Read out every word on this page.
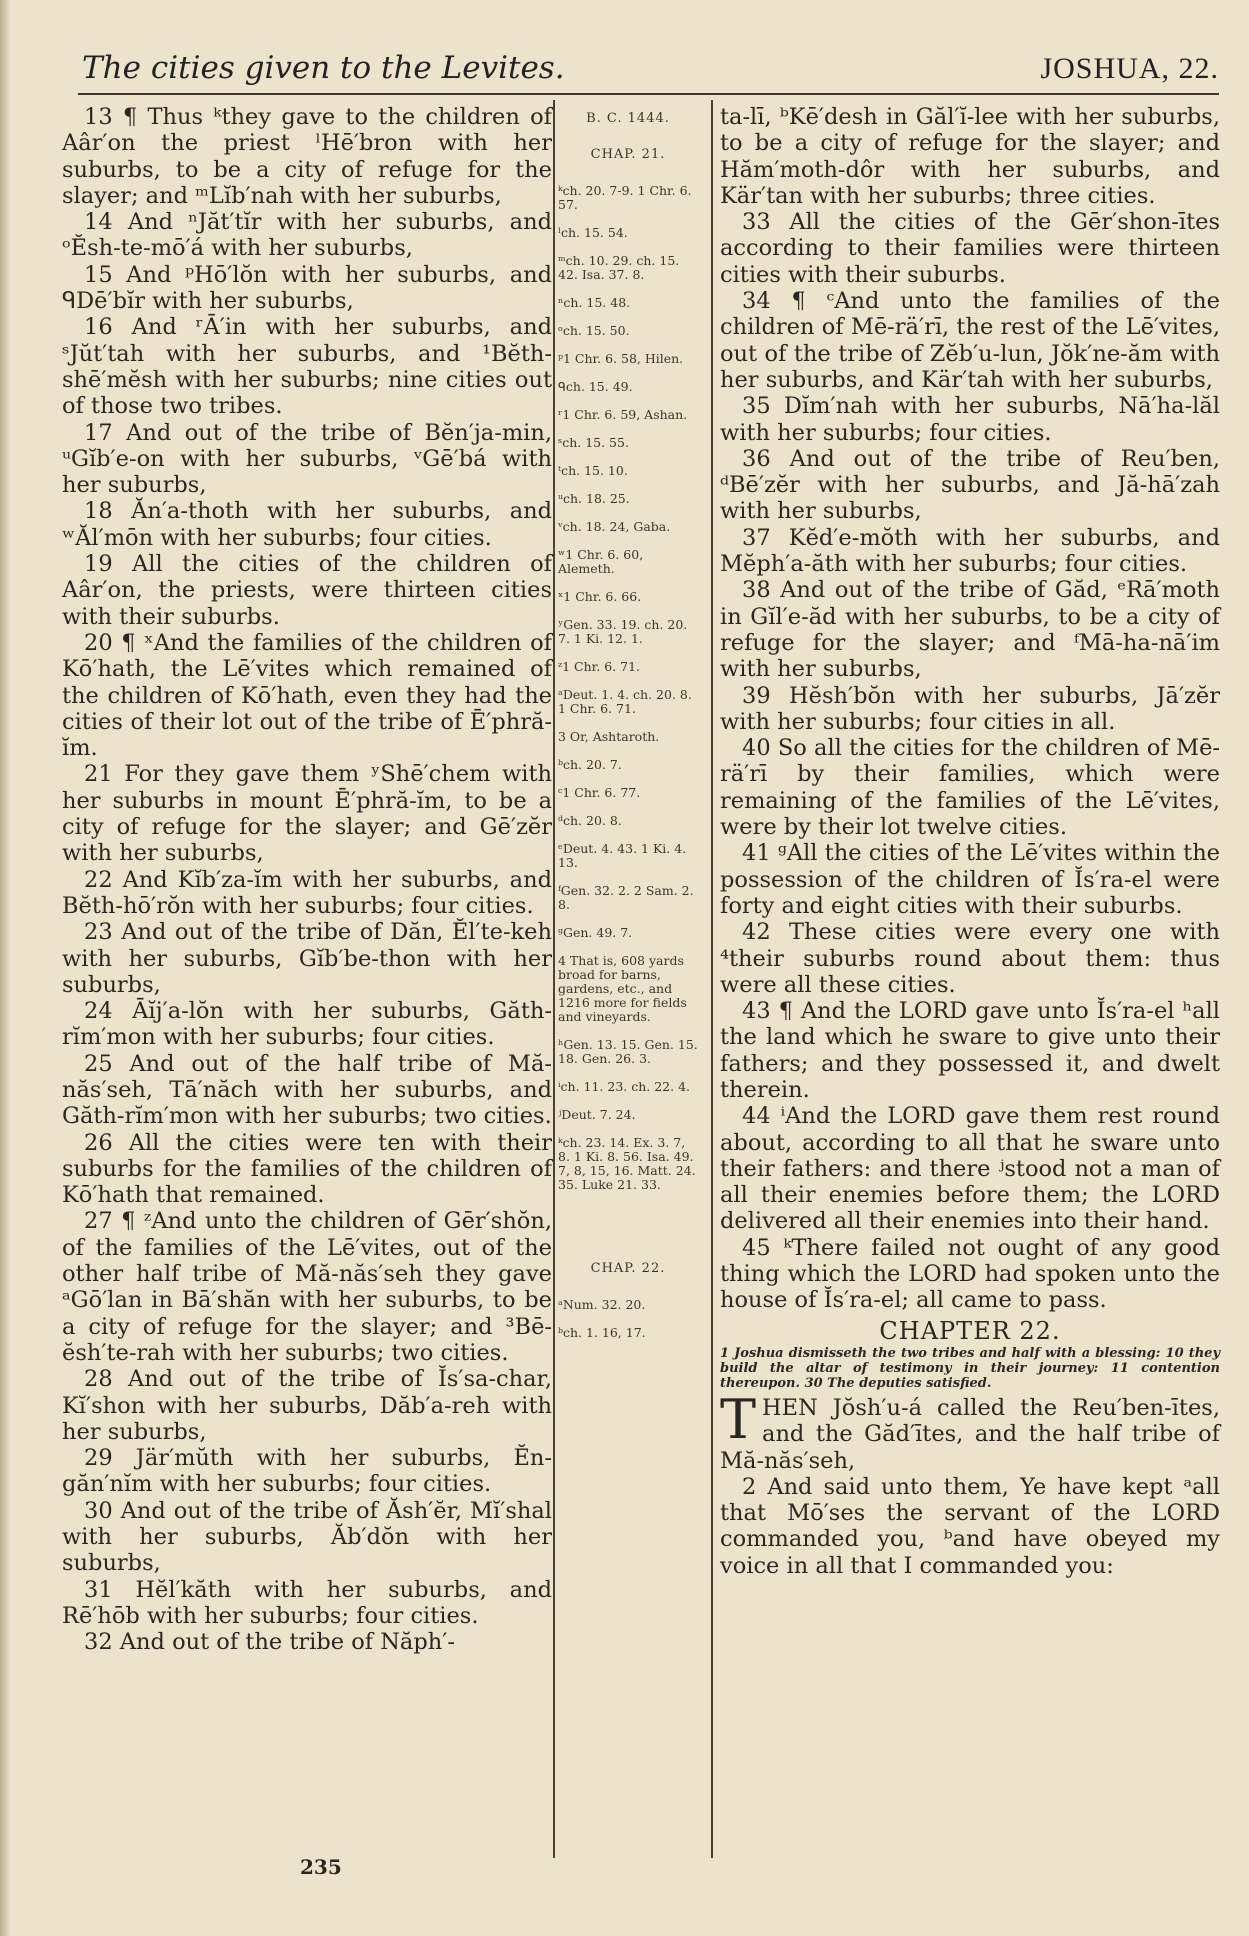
The cities given to the Levites.	JOSHUA, 22.

13 ¶ Thus ᵏthey gave to the children of Aâr′on the priest ˡHē′bron with her suburbs, to be a city of refuge for the slayer; and ᵐLĭb′nah with her suburbs,

14 And ⁿJăt′tĭr with her suburbs, and ᵒĔsh-te-mō′á with her suburbs,

15 And ᵖHō′lŏn with her suburbs, and ᑫDē′bĭr with her suburbs,

16 And ʳĀ′in with her suburbs, and ˢJŭt′tah with her suburbs, and ¹Bĕth-shē′mĕsh with her suburbs; nine cities out of those two tribes.

17 And out of the tribe of Bĕn′ja-min, ᵘGĭb′e-on with her suburbs, ᵛGē′bá with her suburbs,

18 Ăn′a-thoth with her suburbs, and ʷĂl′mōn with her suburbs; four cities.

19 All the cities of the children of Aâr′on, the priests, were thirteen cities with their suburbs.

20 ¶ ˣAnd the families of the children of Kō′hath, the Lē′vites which remained of the children of Kō′hath, even they had the cities of their lot out of the tribe of Ē′phră-ĭm.

21 For they gave them ʸShē′chem with her suburbs in mount Ē′phră-ĭm, to be a city of refuge for the slayer; and Gē′zĕr with her suburbs,

22 And Kĭb′za-ĭm with her suburbs, and Bĕth-hō′rŏn with her suburbs; four cities.

23 And out of the tribe of Dăn, Ĕl′te-keh with her suburbs, Gĭb′be-thon with her suburbs,

24 Āĭj′a-lŏn with her suburbs, Găth-rĭm′mon with her suburbs; four cities.

25 And out of the half tribe of Mă-năs′seh, Tā′năch with her suburbs, and Găth-rĭm′mon with her suburbs; two cities.

26 All the cities were ten with their suburbs for the families of the children of Kō′hath that remained.

27 ¶ ᶻAnd unto the children of Gēr′shŏn, of the families of the Lē′vites, out of the other half tribe of Mă-năs′seh they gave ᵃGō′lan in Bā′shăn with her suburbs, to be a city of refuge for the slayer; and ³Bē-ĕsh′te-rah with her suburbs; two cities.

28 And out of the tribe of Ĭs′sa-char, Kĭ′shon with her suburbs, Dăb′a-reh with her suburbs,

29 Jär′mŭth with her suburbs, Ĕn-găn′nĭm with her suburbs; four cities.

30 And out of the tribe of Ăsh′ĕr, Mĭ′shal with her suburbs, Ăb′dŏn with her suburbs,

31 Hĕl′kăth with her suburbs, and Rē′hōb with her suburbs; four cities.

32 And out of the tribe of Năph′-

B. C. 1444.
CHAP. 21.
ᵏch. 20. 7-9. 1 Chr. 6. 57.
ˡch. 15. 54.
ᵐch. 10. 29. ch. 15. 42. Isa. 37. 8.
ⁿch. 15. 48.
ᵒch. 15. 50.
ᵖ1 Chr. 6. 58, Hilen.
ᑫch. 15. 49.
ʳ1 Chr. 6. 59, Ashan.
ˢch. 15. 55.
ᵗch. 15. 10.
ᵘch. 18. 25.
ᵛch. 18. 24, Gaba.
ʷ1 Chr. 6. 60, Alemeth.
ˣ1 Chr. 6. 66.
ʸGen. 33. 19. ch. 20. 7. 1 Ki. 12. 1.
ᶻ1 Chr. 6. 71.
ᵃDeut. 1. 4. ch. 20. 8. 1 Chr. 6. 71.
3 Or, Ashtaroth.
ᵇch. 20. 7.
ᶜ1 Chr. 6. 77.
ᵈch. 20. 8.
ᵉDeut. 4. 43. 1 Ki. 4. 13.
ᶠGen. 32. 2. 2 Sam. 2. 8.
ᵍGen. 49. 7.
4 That is, 608 yards broad for barns, gardens, etc., and 1216 more for fields and vineyards.
ʰGen. 13. 15. Gen. 15. 18. Gen. 26. 3.
ⁱch. 11. 23. ch. 22. 4.
ʲDeut. 7. 24.
ᵏch. 23. 14. Ex. 3. 7, 8. 1 Ki. 8. 56. Isa. 49. 7, 8, 15, 16. Matt. 24. 35. Luke 21. 33.
CHAP. 22.
ᵃNum. 32. 20.
ᵇch. 1. 16, 17.

ta-lī, ᵇKē′desh in Găl′ĭ-lee with her suburbs, to be a city of refuge for the slayer; and Hăm′moth-dôr with her suburbs, and Kär′tan with her suburbs; three cities.

33 All the cities of the Gēr′shon-ītes according to their families were thirteen cities with their suburbs.

34 ¶ ᶜAnd unto the families of the children of Mē-rä′rī, the rest of the Lē′vites, out of the tribe of Zĕb′u-lun, Jŏk′ne-ăm with her suburbs, and Kär′tah with her suburbs,

35 Dĭm′nah with her suburbs, Nā′ha-lăl with her suburbs; four cities.

36 And out of the tribe of Reu′ben, ᵈBē′zĕr with her suburbs, and Jă-hā′zah with her suburbs,

37 Kĕd′e-mŏth with her suburbs, and Mĕph′a-ăth with her suburbs; four cities.

38 And out of the tribe of Găd, ᵉRā′moth in Gĭl′e-ăd with her suburbs, to be a city of refuge for the slayer; and ᶠMā-ha-nā′im with her suburbs,

39 Hĕsh′bŏn with her suburbs, Jā′zĕr with her suburbs; four cities in all.

40 So all the cities for the children of Mē-rä′rī by their families, which were remaining of the families of the Lē′vites, were by their lot twelve cities.

41 ᵍAll the cities of the Lē′vites within the possession of the children of Ĭs′ra-el were forty and eight cities with their suburbs.

42 These cities were every one with ⁴their suburbs round about them: thus were all these cities.

43 ¶ And the LORD gave unto Ĭs′ra-el ʰall the land which he sware to give unto their fathers; and they possessed it, and dwelt therein.

44 ⁱAnd the LORD gave them rest round about, according to all that he sware unto their fathers: and there ʲstood not a man of all their enemies before them; the LORD delivered all their enemies into their hand.

45 ᵏThere failed not ought of any good thing which the LORD had spoken unto the house of Ĭs′ra-el; all came to pass.

CHAPTER 22.
1 Joshua dismisseth the two tribes and half with a blessing: 10 they build the altar of testimony in their journey: 11 contention thereupon. 30 The deputies satisfied.

T HEN Jŏsh′u-á called the Reu′ben-ītes, and the Găd′ītes, and the half tribe of Mă-năs′seh,

2 And said unto them, Ye have kept ᵃall that Mō′ses the servant of the LORD commanded you, ᵇand have obeyed my voice in all that I commanded you:

235
